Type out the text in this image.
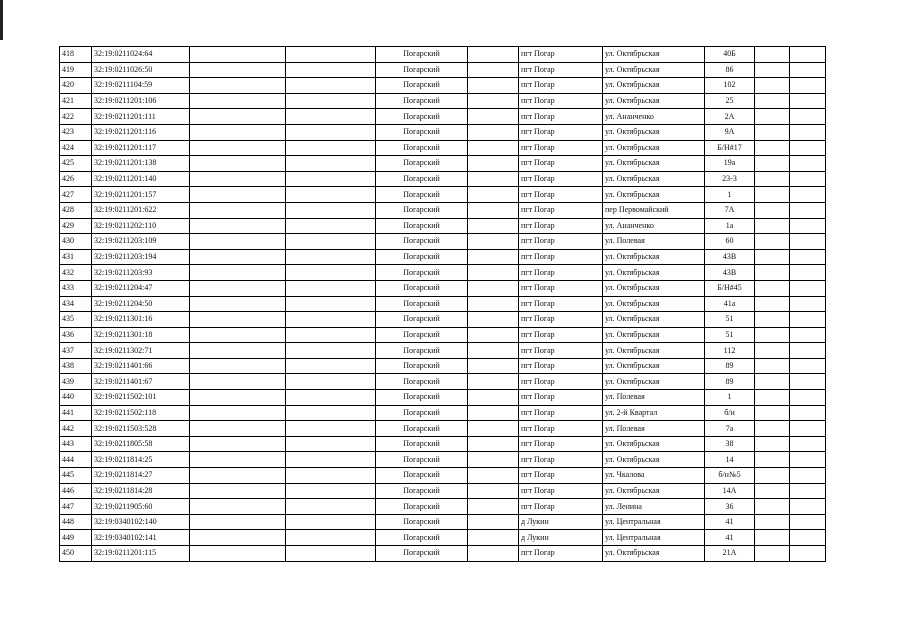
418	32:19:0211024:64			Погарский		пгт Погар	ул. Октябрьская	40Б		
419	32:19:0211026:50			Погарский		пгт Погар	ул. Октябрьская	86		
420	32:19:0211104:59			Погарский		пгт Погар	ул. Октябрьская	102		
421	32:19:0211201:106			Погарский		пгт Погар	ул. Октябрьская	25		
422	32:19:0211201:111			Погарский		пгт Погар	ул. Ананченко	2А		
423	32:19:0211201:116			Погарский		пгт Погар	ул. Октябрьская	9А		
424	32:19:0211201:117			Погарский		пгт Погар	ул. Октябрьская	Б/Н#17		
425	32:19:0211201:138			Погарский		пгт Погар	ул. Октябрьская	19а		
426	32:19:0211201:140			Погарский		пгт Погар	ул. Октябрьская	23-3		
427	32:19:0211201:157			Погарский		пгт Погар	ул. Октябрьская	1		
428	32:19:0211201:622			Погарский		пгт Погар	пер Первомайский	7А		
429	32:19:0211202:110			Погарский		пгт Погар	ул. Ананченко	1а		
430	32:19:0211203:109			Погарский		пгт Погар	ул. Полевая	60		
431	32:19:0211203:194			Погарский		пгт Погар	ул. Октябрьская	43В		
432	32:19:0211203:93			Погарский		пгт Погар	ул. Октябрьская	43В		
433	32:19:0211204:47			Погарский		пгт Погар	ул. Октябрьская	Б/Н#45		
434	32:19:0211204:50			Погарский		пгт Погар	ул. Октябрьская	41а		
435	32:19:0211301:16			Погарский		пгт Погар	ул. Октябрьская	51		
436	32:19:0211301:18			Погарский		пгт Погар	ул. Октябрьская	51		
437	32:19:0211302:71			Погарский		пгт Погар	ул. Октябрьская	112		
438	32:19:0211401:66			Погарский		пгт Погар	ул. Октябрьская	89		
439	32:19:0211401:67			Погарский		пгт Погар	ул. Октябрьская	89		
440	32:19:0211502:101			Погарский		пгт Погар	ул. Полевая	1		
441	32:19:0211502:118			Погарский		пгт Погар	ул. 2-й Квартал	б/н		
442	32:19:0211503:528			Погарский		пгт Погар	ул. Полевая	7а		
443	32:19:0211805:58			Погарский		пгт Погар	ул. Октябрьская	38		
444	32:19:0211814:25			Погарский		пгт Погар	ул. Октябрьская	14		
445	32:19:0211814:27			Погарский		пгт Погар	ул. Чкалова	б/н№5		
446	32:19:0211814:28			Погарский		пгт Погар	ул. Октябрьская	14А		
447	32:19:0211905:60			Погарский		пгт Погар	ул. Ленина	36		
448	32:19:0340102:140			Погарский		д Лукин	ул. Центральная	41		
449	32:19:0340102:141			Погарский		д Лукин	ул. Центральная	41		
450	32:19:0211201:115			Погарский		пгт Погар	ул. Октябрьская	21А		
